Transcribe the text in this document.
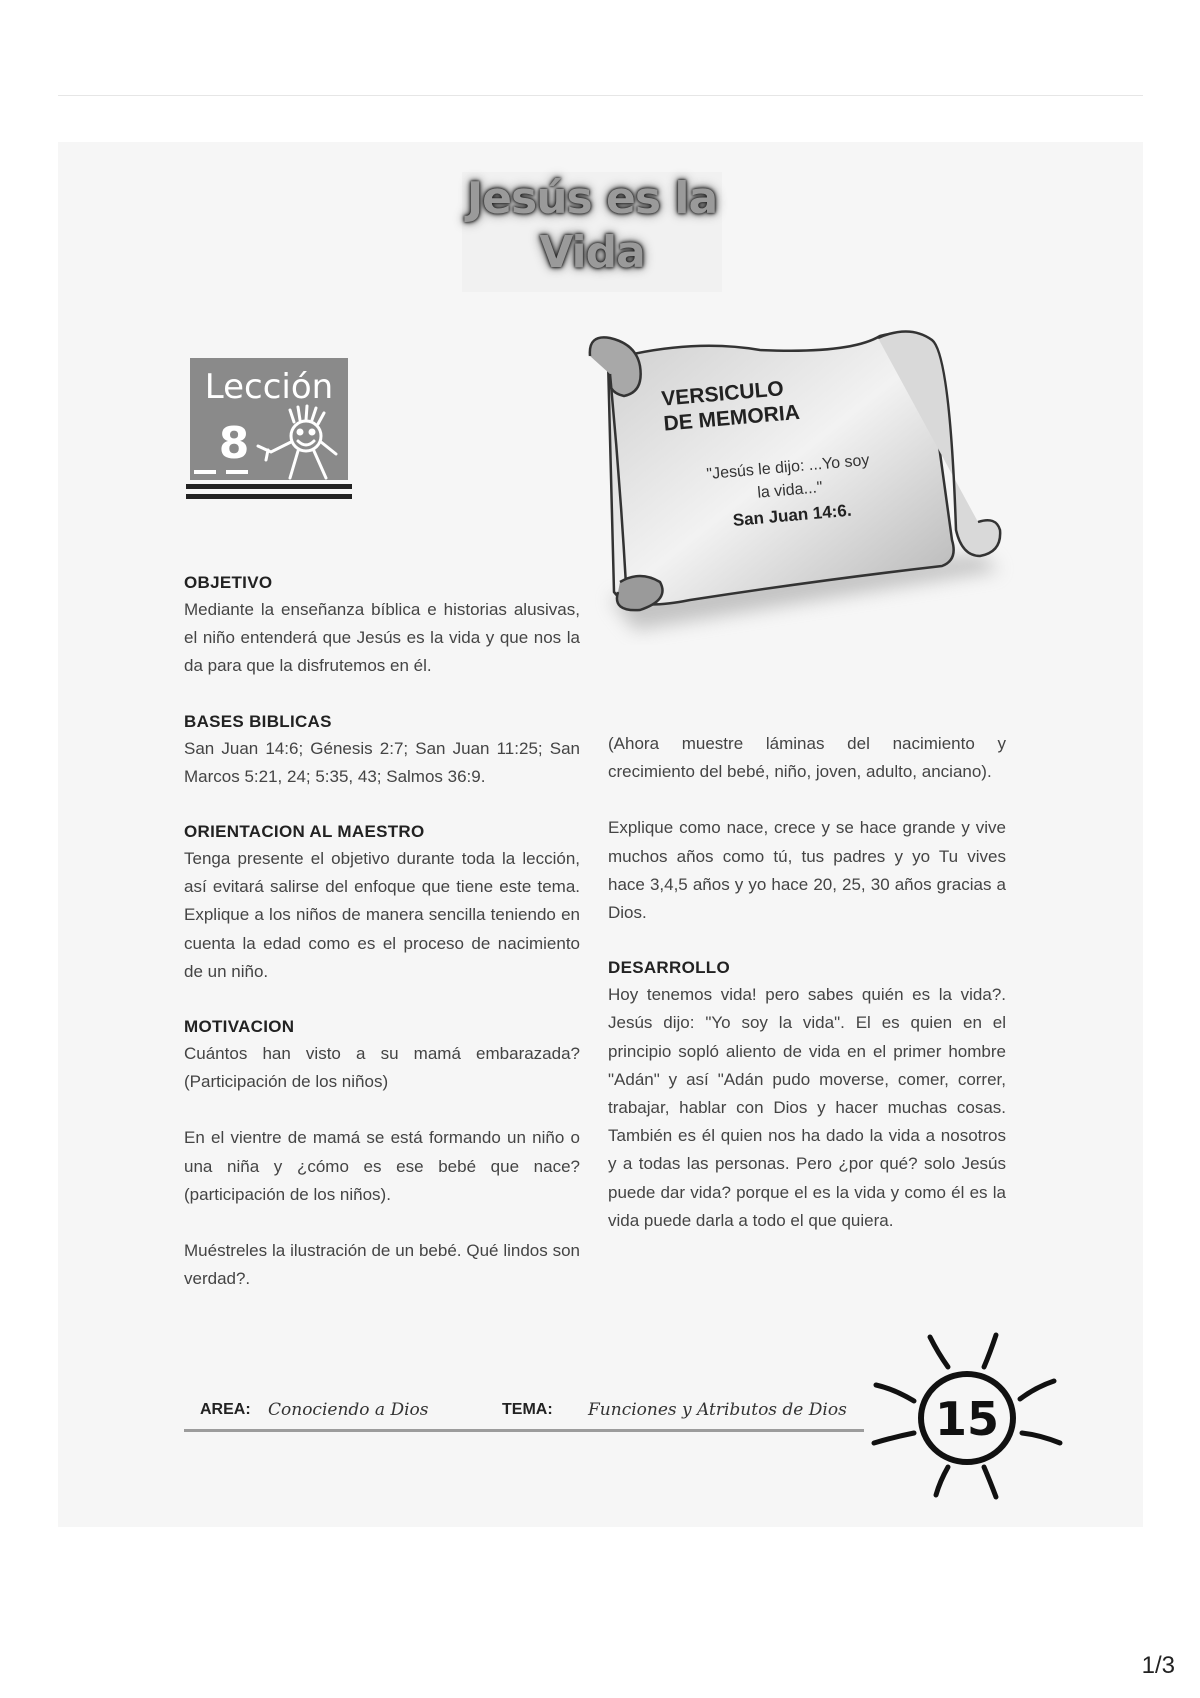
Jesús es la
Vida
Lección
8
VERSICULO
DE MEMORIA
"Jesús le dijo: ...Yo soy
la vida..."
San Juan 14:6.
OBJETIVO

Mediante la enseñanza bíblica e historias alusivas, el niño entenderá que Jesús es la vida y que nos la da para que la disfrutemos en él.

BASES BIBLICAS

San Juan 14:6; Génesis 2:7; San Juan 11:25; San Marcos 5:21, 24; 5:35, 43; Salmos 36:9.

ORIENTACION AL MAESTRO

Tenga presente el objetivo durante toda la lección, así evitará salirse del enfoque que tiene este tema. Explique a los niños de manera sencilla teniendo en cuenta la edad como es el proceso de nacimiento de un niño.

MOTIVACION

Cuántos han visto a su mamá embarazada? (Participación de los niños)

En el vientre de mamá se está formando un niño o una niña y ¿cómo es ese bebé que nace? (participación de los niños).

Muéstreles la ilustración de un bebé. Qué lindos son verdad?.

(Ahora muestre láminas del nacimiento y crecimiento del bebé, niño, joven, adulto, anciano).

Explique como nace, crece y se hace grande y vive muchos años como tú, tus padres y yo Tu vives hace 3,4,5 años y yo hace 20, 25, 30 años gracias a Dios.

DESARROLLO

Hoy tenemos vida! pero sabes quién es la vida?. Jesús dijo: "Yo soy la vida". El es quien en el principio sopló aliento de vida en el primer hombre "Adán" y así "Adán pudo moverse, comer, correr, trabajar, hablar con Dios y hacer muchas cosas. También es él quien nos ha dado la vida a nosotros y a todas las personas. Pero ¿por qué? solo Jesús puede dar vida? porque el es la vida y como él es la vida puede darla a todo el que quiera.

AREA: Conociendo a Dios	TEMA: Funciones y Atributos de Dios 15
1/3
